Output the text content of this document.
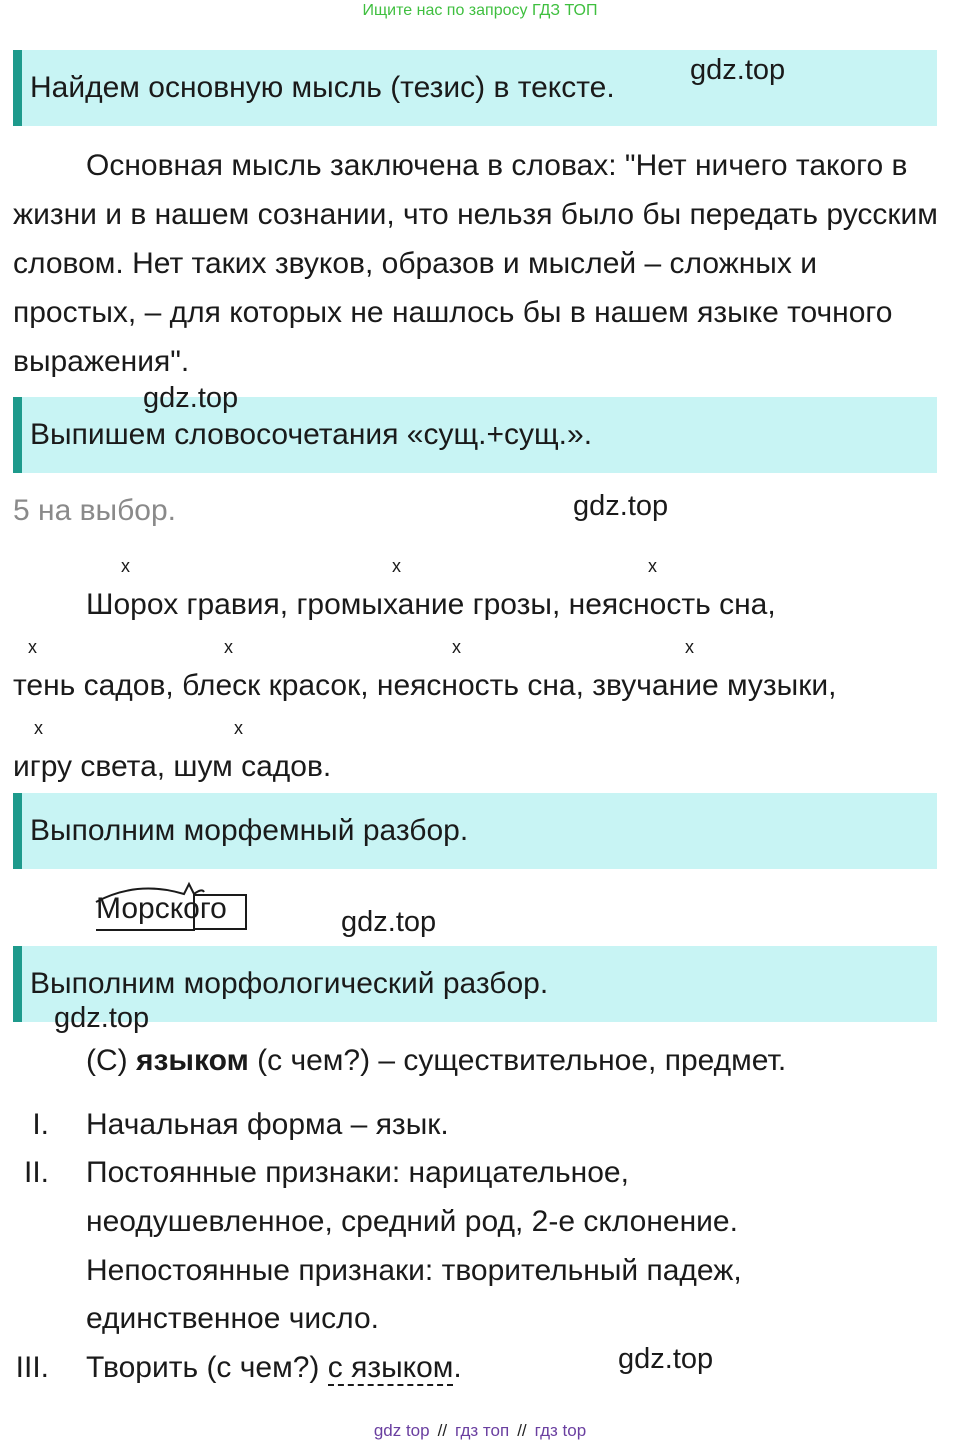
Ищите нас по запросу ГДЗ ТОП
Найдем основную мысль (тезис) в тексте.
gdz.top
Основная мысль заключена в словах: "Нет ничего такого в жизни и в нашем сознании, что нельзя было бы передать русским словом. Нет таких звуков, образов и мыслей – сложных и простых, – для которых не нашлось бы в нашем языке точного выражения".
Выпишем словосочетания «сущ.+сущ.».
gdz.top
5 на выбор.	gdz.top
x	x	x
Шорох гравия, громыхание грозы, неясность сна,
x	x	x	x
тень садов, блеск красок, неясность сна, звучание музыки,
x	x
игру света, шум садов.
Выполним морфемный разбор.
Морского	gdz.top
Выполним морфологический разбор.
gdz.top
(С) языком (с чем?) – существительное, предмет.
I. Начальная форма – язык.
II. Постоянные признаки: нарицательное,
неодушевленное, средний род, 2-е склонение.
Непостоянные признаки: творительный падеж,
единственное число.
III. Творить (с чем?) с языком.	gdz.top
gdz top // гдз топ // гдз top
